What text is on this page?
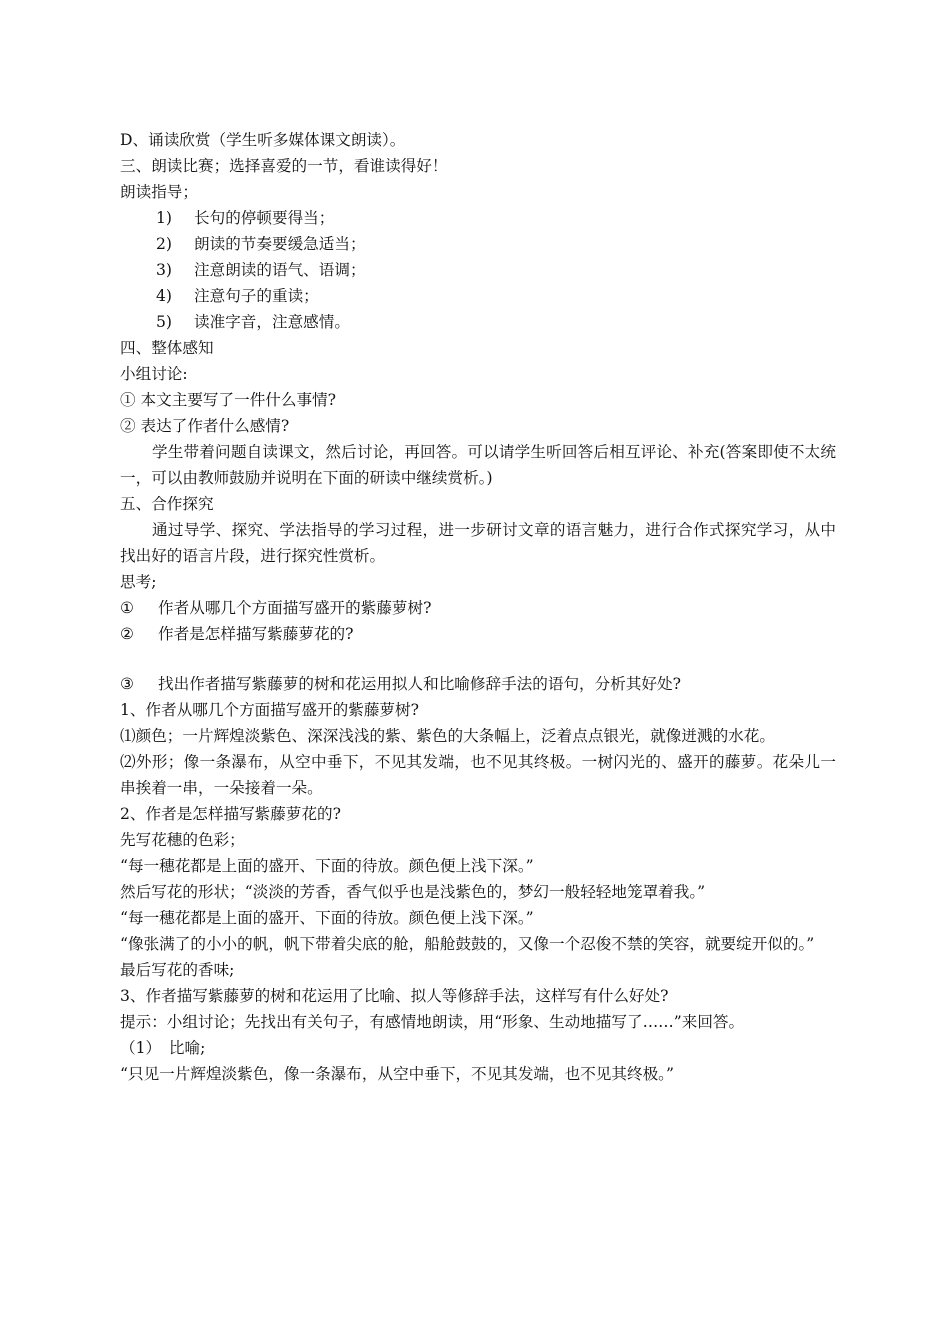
D、诵读欣赏（学生听多媒体课文朗读）。
三、朗读比赛；选择喜爱的一节，看谁读得好！
朗读指导；
1) 长句的停顿要得当；
2) 朗读的节奏要缓急适当；
3) 注意朗读的语气、语调；
4) 注意句子的重读；
5) 读准字音，注意感情。
四、整体感知
小组讨论:
① 本文主要写了一件什么事情?
② 表达了作者什么感情?
学生带着问题自读课文，然后讨论，再回答。可以请学生听回答后相互评论、补充(答案即使不太统一，可以由教师鼓励并说明在下面的研读中继续赏析。)
五、合作探究
通过导学、探究、学法指导的学习过程，进一步研讨文章的语言魅力，进行合作式探究学习，从中找出好的语言片段，进行探究性赏析。
思考;
① 作者从哪几个方面描写盛开的紫藤萝树?
② 作者是怎样描写紫藤萝花的?
③ 找出作者描写紫藤萝的树和花运用拟人和比喻修辞手法的语句，分析其好处?
1、作者从哪几个方面描写盛开的紫藤萝树?
⑴颜色；一片辉煌淡紫色、深深浅浅的紫、紫色的大条幅上，泛着点点银光，就像迸溅的水花。
⑵外形；像一条瀑布，从空中垂下，不见其发端，也不见其终极。一树闪光的、盛开的藤萝。花朵儿一串挨着一串，一朵接着一朵。
2、作者是怎样描写紫藤萝花的?
先写花穗的色彩；
“每一穗花都是上面的盛开、下面的待放。颜色便上浅下深。”
然后写花的形状；“淡淡的芳香，香气似乎也是浅紫色的，梦幻一般轻轻地笼罩着我。”
“每一穗花都是上面的盛开、下面的待放。颜色便上浅下深。”
“像张满了的小小的帆，帆下带着尖底的舱，船舱鼓鼓的，又像一个忍俊不禁的笑容，就要绽开似的。”
最后写花的香味;
3、作者描写紫藤萝的树和花运用了比喻、拟人等修辞手法，这样写有什么好处?
提示：小组讨论；先找出有关句子，有感情地朗读，用“形象、生动地描写了……”来回答。
（1）　比喻;
“只见一片辉煌淡紫色，像一条瀑布，从空中垂下，不见其发端，也不见其终极。”
